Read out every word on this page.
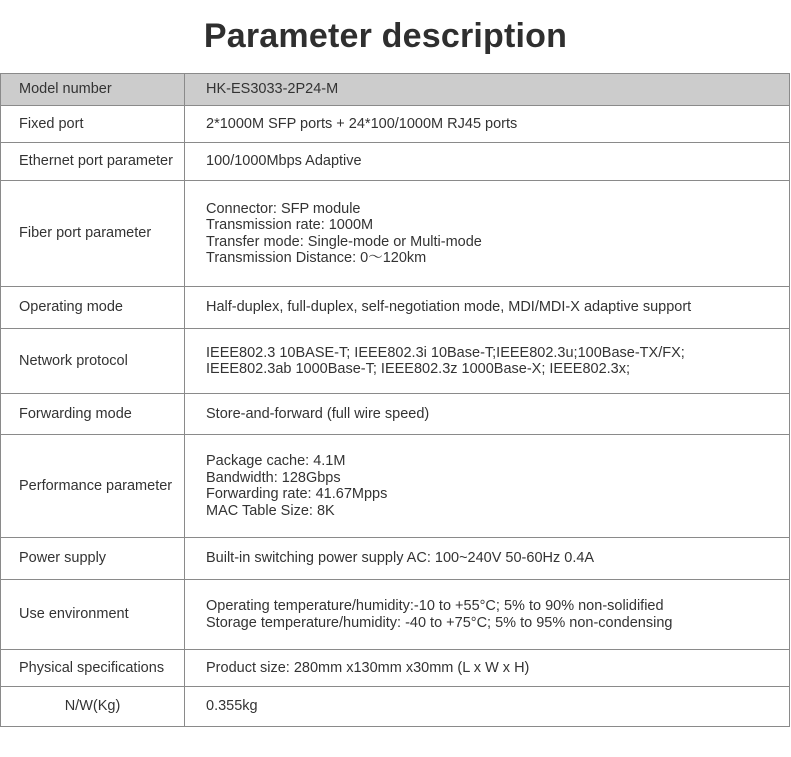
Parameter description
Model number	HK-ES3033-2P24-M
Fixed port	2*1000M SFP ports + 24*100/1000M RJ45 ports

Ethernet port parameter	100/1000Mbps Adaptive

Fiber port parameter	Connector: SFP module
Transmission rate: 1000M
Transfer mode: Single-mode or Multi-mode
Transmission Distance: 0～120km

Operating mode	Half-duplex, full-duplex, self-negotiation mode, MDI/MDI-X adaptive support

Network protocol	IEEE802.3 10BASE-T; IEEE802.3i 10Base-T;IEEE802.3u;100Base-TX/FX;
IEEE802.3ab 1000Base-T; IEEE802.3z 1000Base-X; IEEE802.3x;

Forwarding mode	Store-and-forward (full wire speed)

Performance parameter	Package cache: 4.1M
Bandwidth: 128Gbps
Forwarding rate: 41.67Mpps
MAC Table Size: 8K

Power supply	Built-in switching power supply AC: 100~240V 50-60Hz 0.4A

Use environment	Operating temperature/humidity:-10 to +55°C; 5% to 90% non-solidified
Storage temperature/humidity: -40 to +75°C; 5% to 95% non-condensing

Physical specifications	Product size: 280mm x130mm x30mm (L x W x H)

N/W(Kg)	0.355kg
